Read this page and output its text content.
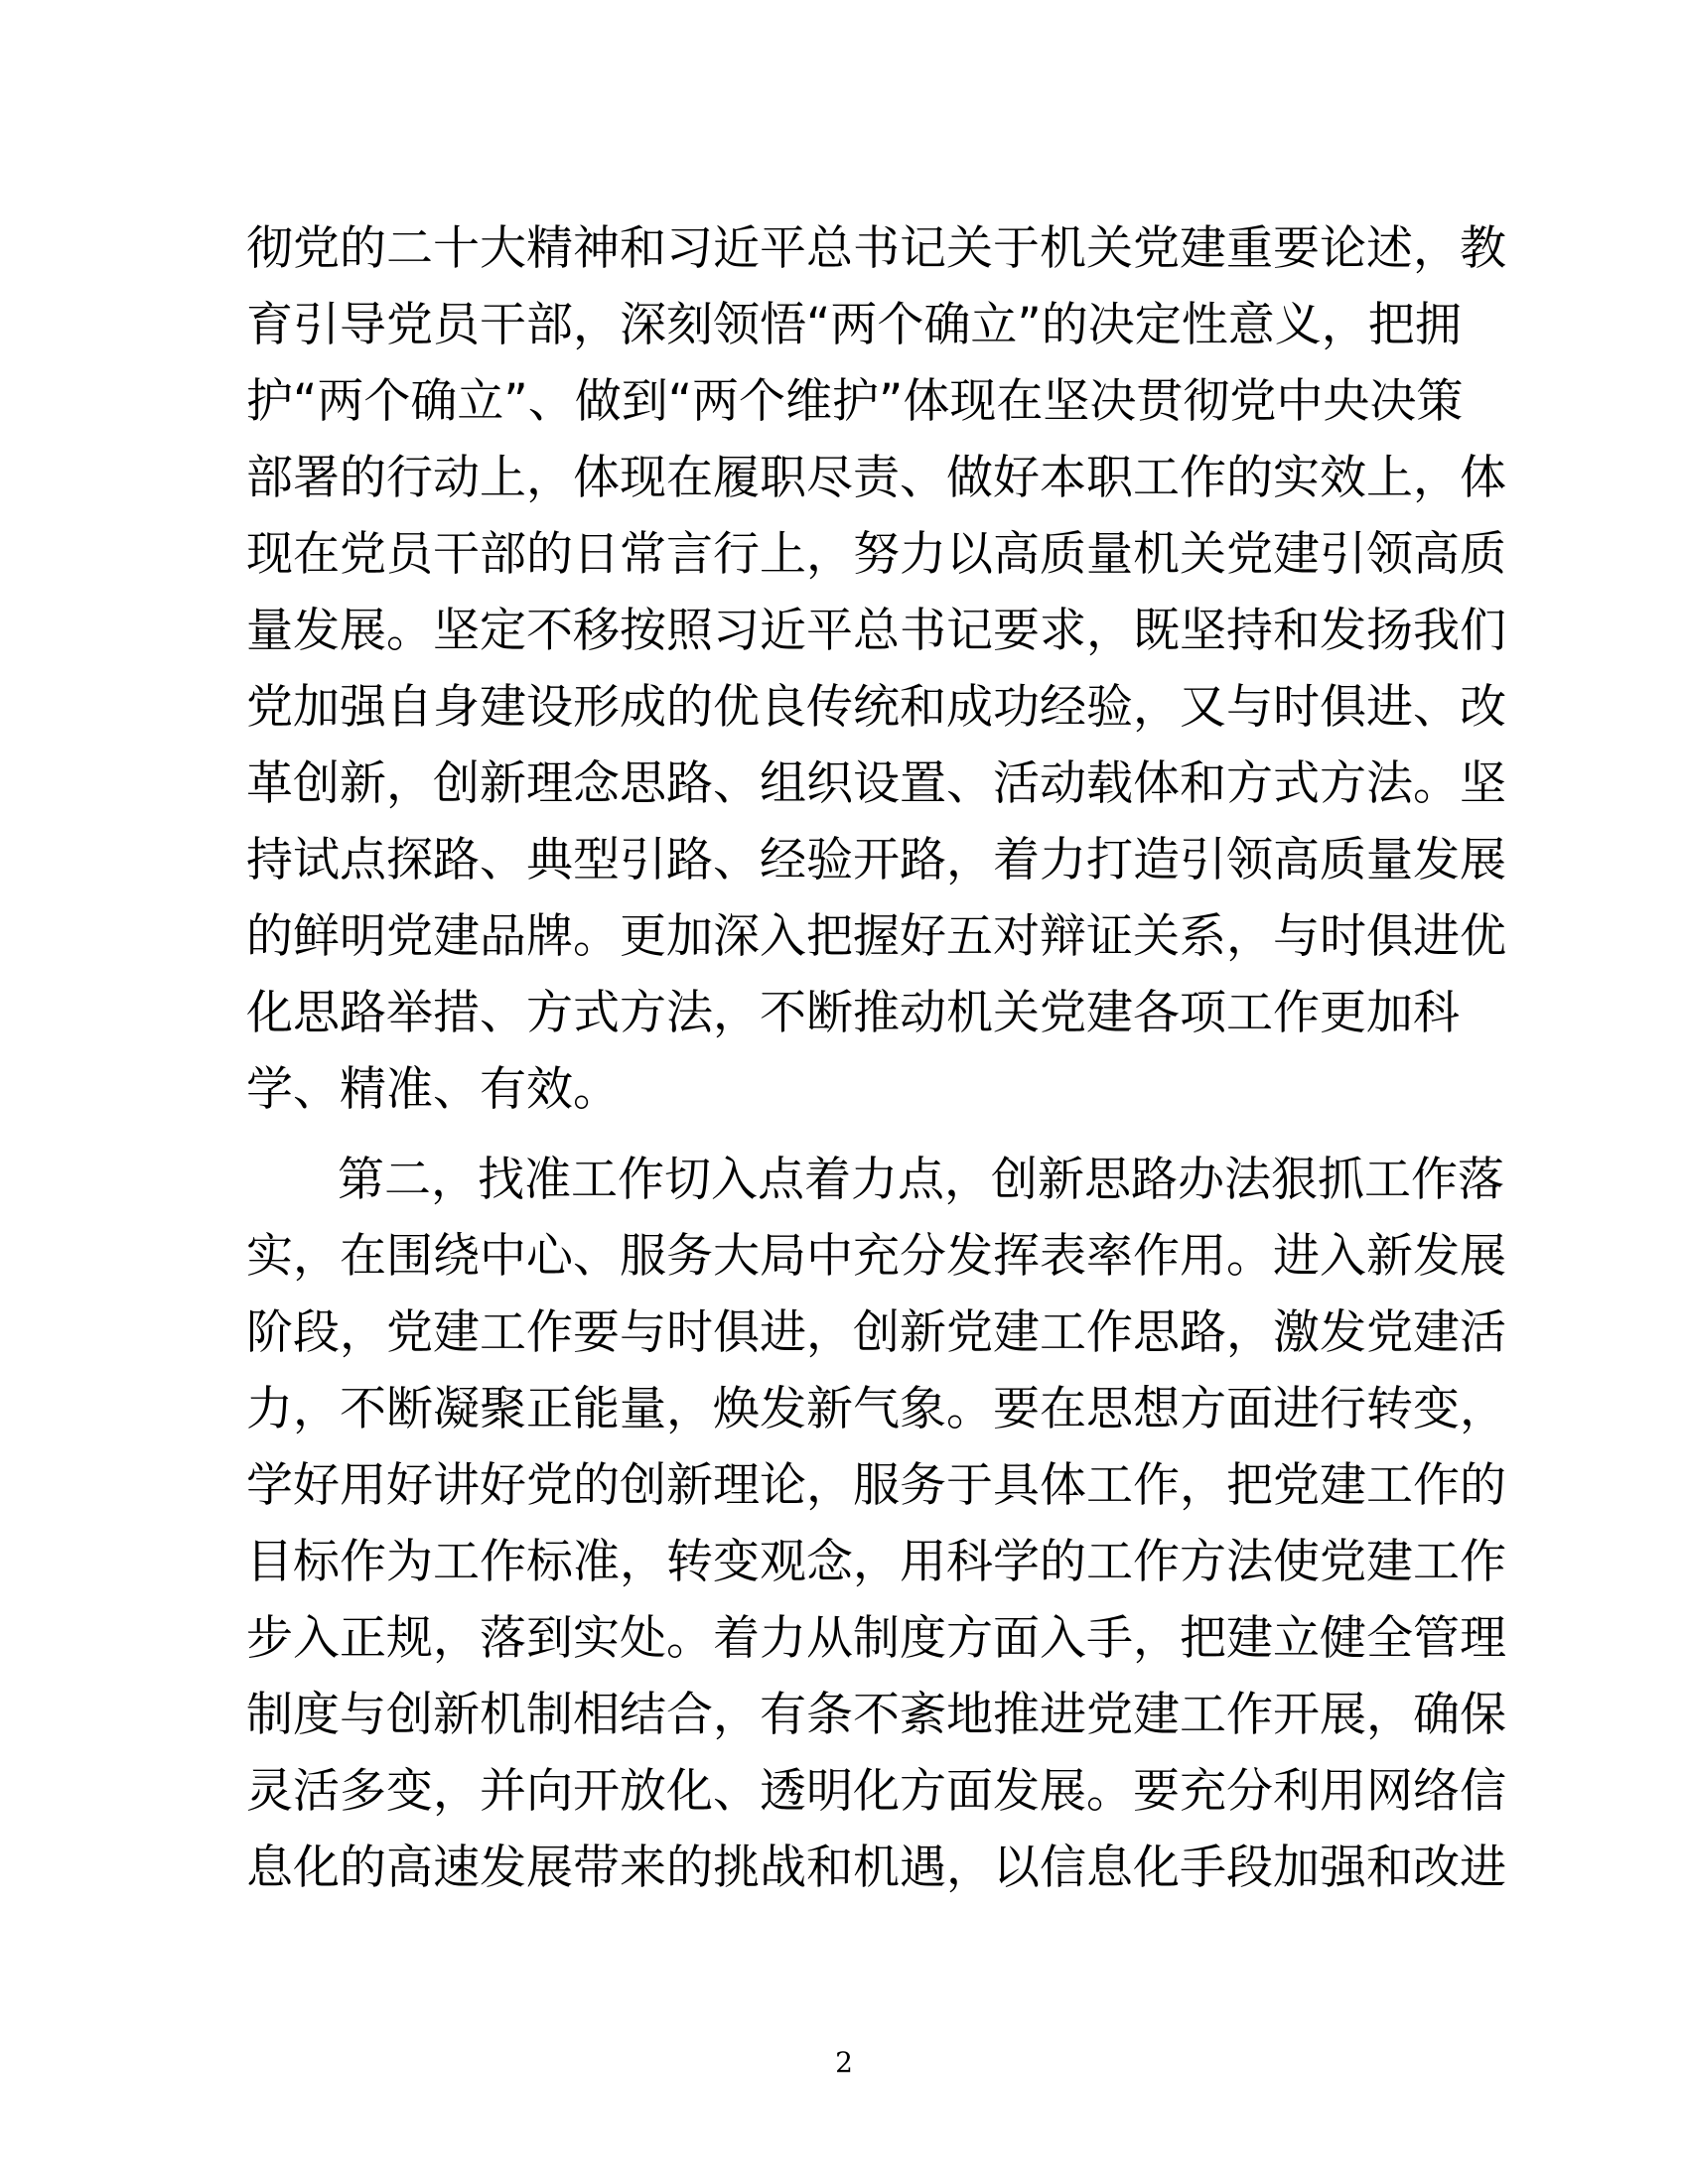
彻党的二十大精神和习近平总书记关于机关党建重要论述，教
育引导党员干部，深刻领悟“两个确立”的决定性意义，把拥
护“两个确立”、做到“两个维护”体现在坚决贯彻党中央决策
部署的行动上，体现在履职尽责、做好本职工作的实效上，体
现在党员干部的日常言行上，努力以高质量机关党建引领高质
量发展。坚定不移按照习近平总书记要求，既坚持和发扬我们
党加强自身建设形成的优良传统和成功经验，又与时俱进、改
革创新，创新理念思路、组织设置、活动载体和方式方法。坚
持试点探路、典型引路、经验开路，着力打造引领高质量发展
的鲜明党建品牌。更加深入把握好五对辩证关系，与时俱进优
化思路举措、方式方法，不断推动机关党建各项工作更加科
学、精准、有效。
第二，找准工作切入点着力点，创新思路办法狠抓工作落
实，在围绕中心、服务大局中充分发挥表率作用。进入新发展
阶段，党建工作要与时俱进，创新党建工作思路，激发党建活
力，不断凝聚正能量，焕发新气象。要在思想方面进行转变，
学好用好讲好党的创新理论，服务于具体工作，把党建工作的
目标作为工作标准，转变观念，用科学的工作方法使党建工作
步入正规，落到实处。着力从制度方面入手，把建立健全管理
制度与创新机制相结合，有条不紊地推进党建工作开展，确保
灵活多变，并向开放化、透明化方面发展。要充分利用网络信
息化的高速发展带来的挑战和机遇，以信息化手段加强和改进
2
